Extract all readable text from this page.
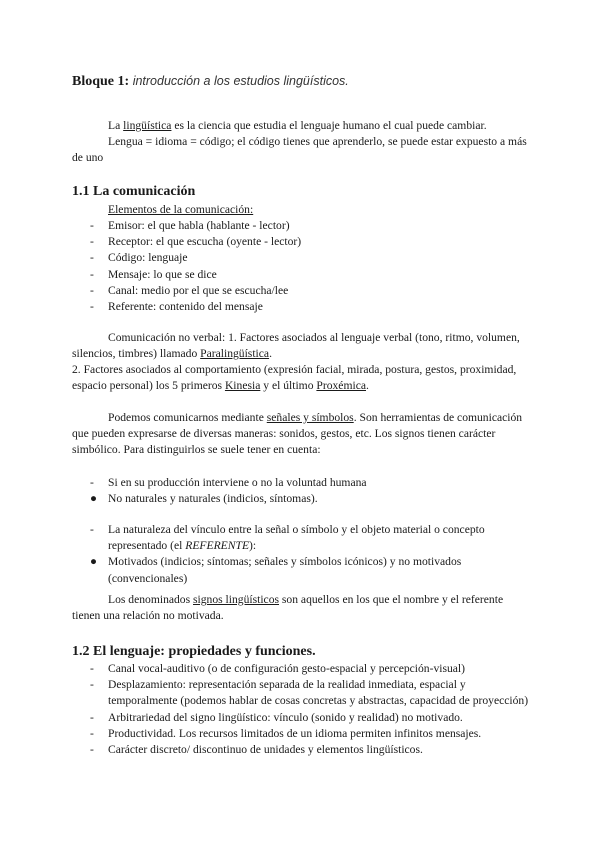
Bloque 1: introducción a los estudios lingüísticos.
La lingüística es la ciencia que estudia el lenguaje humano el cual puede cambiar.
Lengua = idioma = código; el código tienes que aprenderlo, se puede estar expuesto a más de uno
1.1 La comunicación
Elementos de la comunicación:
-	Emisor: el que habla (hablante - lector)
-	Receptor: el que escucha (oyente - lector)
-	Código: lenguaje
-	Mensaje: lo que se dice
-	Canal: medio por el que se escucha/lee
-	Referente: contenido del mensaje
Comunicación no verbal: 1. Factores asociados al lenguaje verbal (tono, ritmo, volumen, silencios, timbres) llamado Paralingüística.
2. Factores asociados al comportamiento (expresión facial, mirada, postura, gestos, proximidad, espacio personal) los 5 primeros Kinesia y el último Proxémica.
Podemos comunicarnos mediante señales y símbolos. Son herramientas de comunicación que pueden expresarse de diversas maneras: sonidos, gestos, etc. Los signos tienen carácter simbólico. Para distinguirlos se suele tener en cuenta:
-	Si en su producción interviene o no la voluntad humana
● No naturales y naturales (indicios, síntomas).
-	La naturaleza del vínculo entre la señal o símbolo y el objeto material o concepto representado (el REFERENTE):
● Motivados (indicios; síntomas; señales y símbolos icónicos) y no motivados (convencionales)
Los denominados signos lingüísticos son aquellos en los que el nombre y el referente tienen una relación no motivada.
1.2 El lenguaje: propiedades y funciones.
-	Canal vocal-auditivo (o de configuración gesto-espacial y percepción-visual)
-	Desplazamiento: representación separada de la realidad inmediata, espacial y temporalmente (podemos hablar de cosas concretas y abstractas, capacidad de proyección)
-	Arbitrariedad del signo lingüístico: vínculo (sonido y realidad) no motivado.
-	Productividad. Los recursos limitados de un idioma permiten infinitos mensajes.
-	Carácter discreto/ discontinuo de unidades y elementos lingüísticos.
